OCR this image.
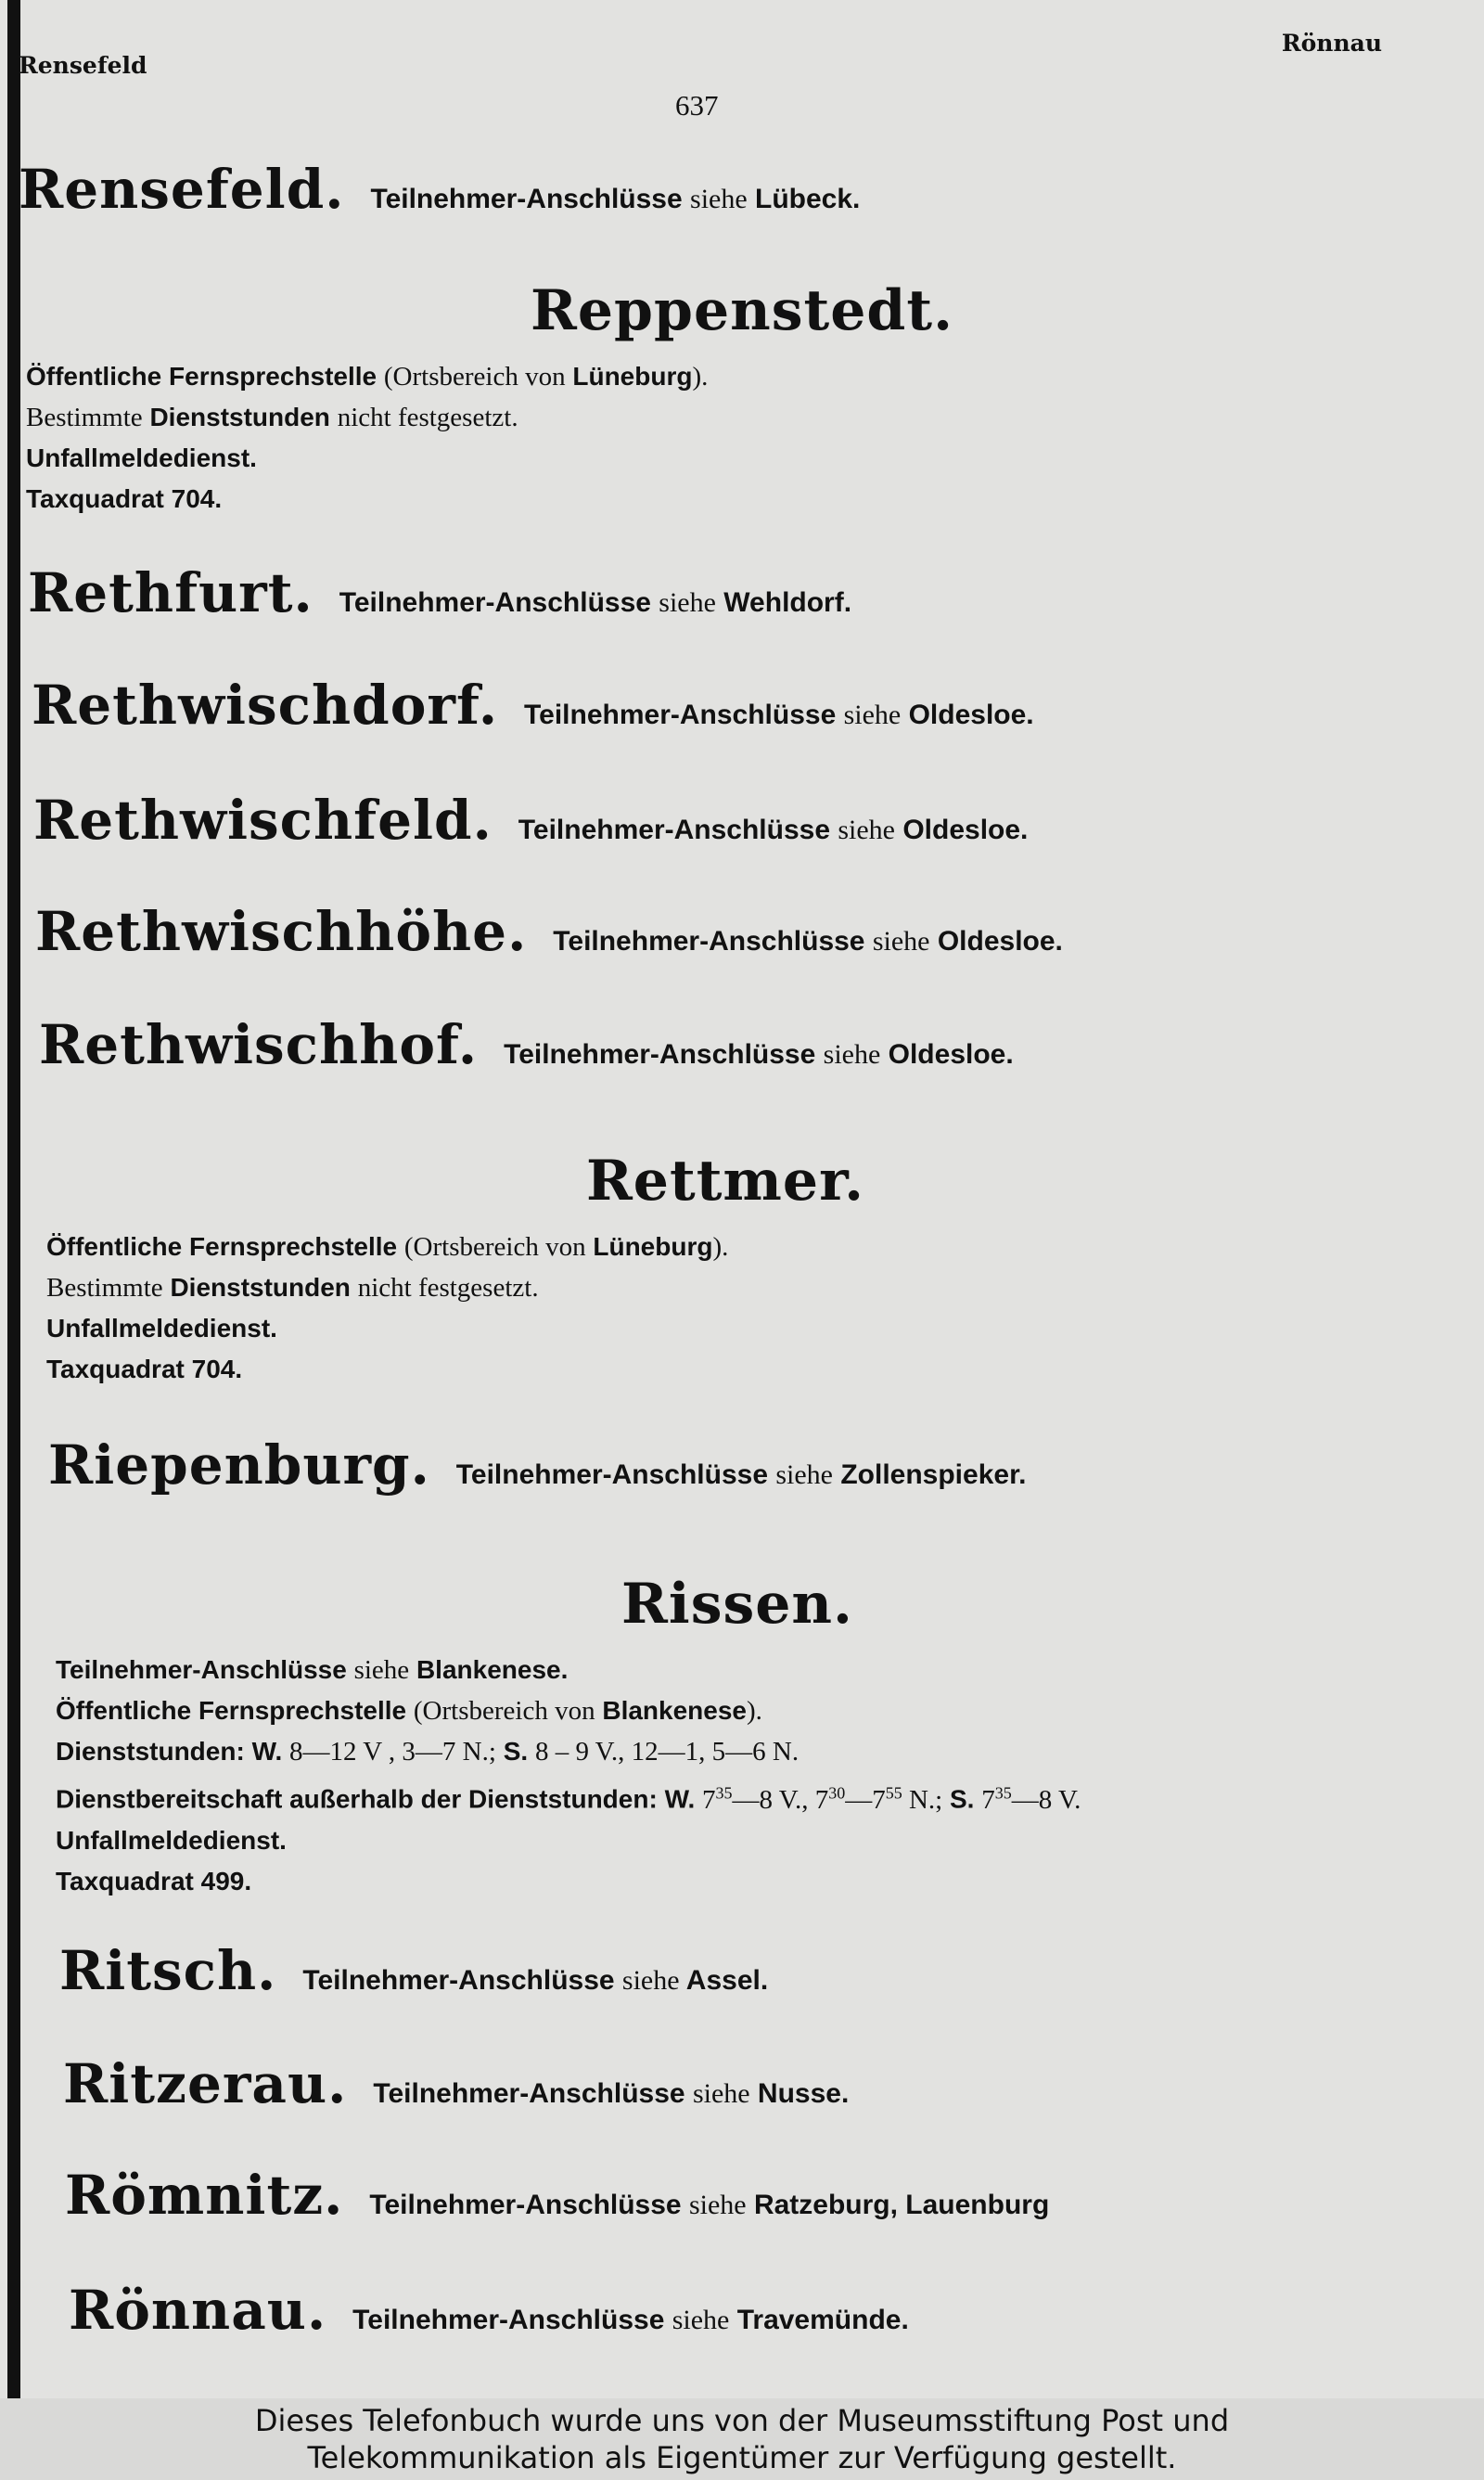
Rensefeld
Rönnau
637
Rensefeld. Teilnehmer-Anschlüsse siehe Lübeck.
Reppenstedt.
Öffentliche Fernsprechstelle (Ortsbereich von Lüneburg).
Bestimmte Dienststunden nicht festgesetzt.
Unfallmeldedienst.
Taxquadrat 704.
Rethfurt. Teilnehmer-Anschlüsse siehe Wehldorf.
Rethwischdorf. Teilnehmer-Anschlüsse siehe Oldesloe.
Rethwischfeld. Teilnehmer-Anschlüsse siehe Oldesloe.
Rethwischhöhe. Teilnehmer-Anschlüsse siehe Oldesloe.
Rethwischhof. Teilnehmer-Anschlüsse siehe Oldesloe.
Rettmer.
Öffentliche Fernsprechstelle (Ortsbereich von Lüneburg).
Bestimmte Dienststunden nicht festgesetzt.
Unfallmeldedienst.
Taxquadrat 704.
Riepenburg. Teilnehmer-Anschlüsse siehe Zollenspieker.
Rissen.
Teilnehmer-Anschlüsse siehe Blankenese.
Öffentliche Fernsprechstelle (Ortsbereich von Blankenese).
Dienststunden: W. 8—12 V , 3—7 N.; S. 8 – 9 V., 12—1, 5—6 N.
Dienstbereitschaft außerhalb der Dienststunden: W. $7^{35}—8$ V., $7^{30}—7^{55}$ N.; S. $7^{35}—8$ V.
Unfallmeldedienst.
Taxquadrat 499.
Ritsch. Teilnehmer-Anschlüsse siehe Assel.
Ritzerau. Teilnehmer-Anschlüsse siehe Nusse.
Römnitz. Teilnehmer-Anschlüsse siehe Ratzeburg, Lauenburg
Rönnau. Teilnehmer-Anschlüsse siehe Travemünde.
Dieses Telefonbuch wurde uns von der Museumsstiftung Post und
Telekommunikation als Eigentümer zur Verfügung gestellt.
